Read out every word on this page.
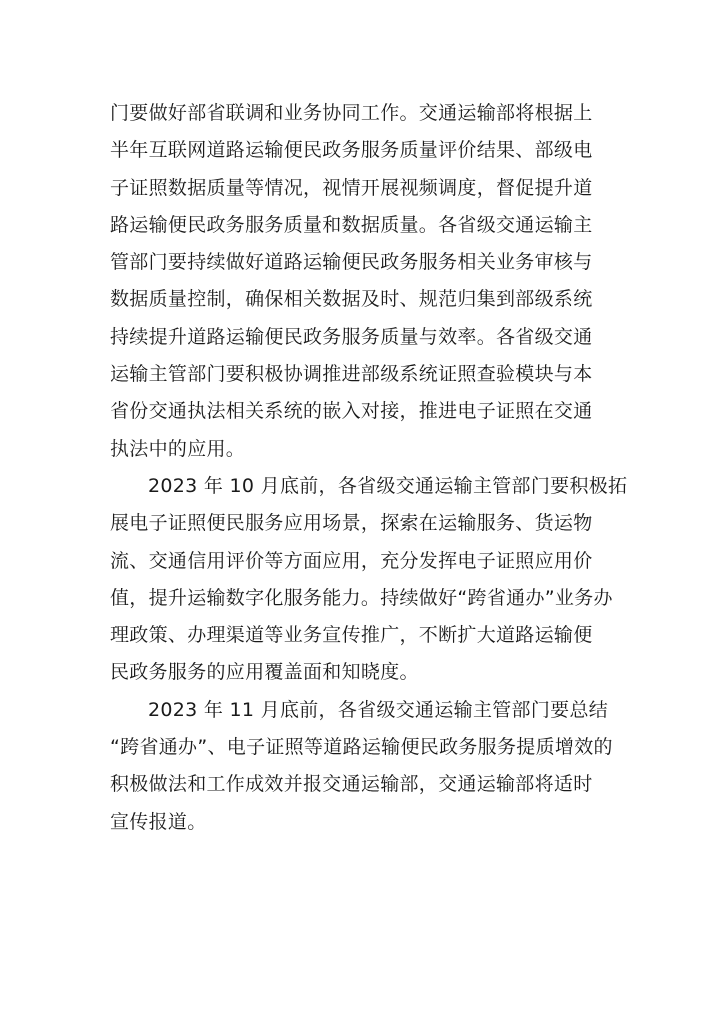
门要做好部省联调和业务协同工作。交通运输部将根据上
半年互联网道路运输便民政务服务质量评价结果、部级电
子证照数据质量等情况，视情开展视频调度，督促提升道
路运输便民政务服务质量和数据质量。各省级交通运输主
管部门要持续做好道路运输便民政务服务相关业务审核与
数据质量控制，确保相关数据及时、规范归集到部级系统
持续提升道路运输便民政务服务质量与效率。各省级交通
运输主管部门要积极协调推进部级系统证照查验模块与本
省份交通执法相关系统的嵌入对接，推进电子证照在交通
执法中的应用。
2023 年 10 月底前，各省级交通运输主管部门要积极拓
展电子证照便民服务应用场景，探索在运输服务、货运物
流、交通信用评价等方面应用，充分发挥电子证照应用价
值，提升运输数字化服务能力。持续做好“跨省通办”业务办
理政策、办理渠道等业务宣传推广，不断扩大道路运输便
民政务服务的应用覆盖面和知晓度。
2023 年 11 月底前，各省级交通运输主管部门要总结
“跨省通办”、电子证照等道路运输便民政务服务提质增效的
积极做法和工作成效并报交通运输部，交通运输部将适时
宣传报道。
